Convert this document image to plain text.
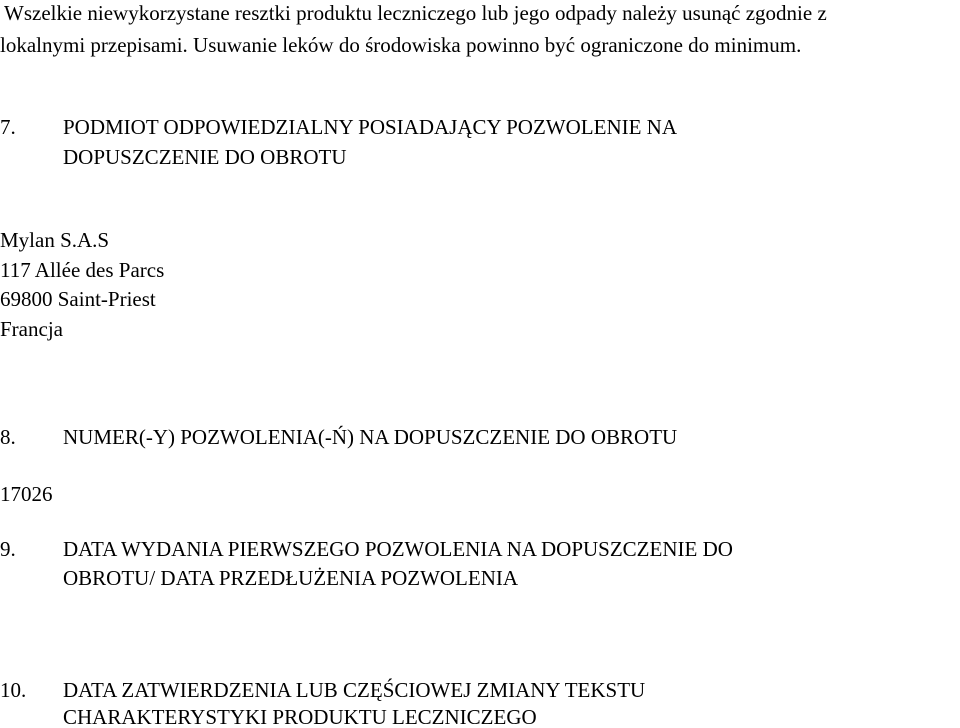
Wszelkie niewykorzystane resztki produktu leczniczego lub jego odpady należy usunąć zgodnie z
lokalnymi przepisami. Usuwanie leków do środowiska powinno być ograniczone do minimum.
7. PODMIOT ODPOWIEDZIALNY POSIADAJĄCY POZWOLENIE NA
DOPUSZCZENIE DO OBROTU
Mylan S.A.S
117 Allée des Parcs
69800 Saint-Priest
Francja
8. NUMER(-Y) POZWOLENIA(-Ń) NA DOPUSZCZENIE DO OBROTU
17026
9. DATA WYDANIA PIERWSZEGO POZWOLENIA NA DOPUSZCZENIE DO
OBROTU/ DATA PRZEDŁUŻENIA POZWOLENIA
10. DATA ZATWIERDZENIA LUB CZĘŚCIOWEJ ZMIANY TEKSTU
CHARAKTERYSTYKI PRODUKTU LECZNICZEGO
